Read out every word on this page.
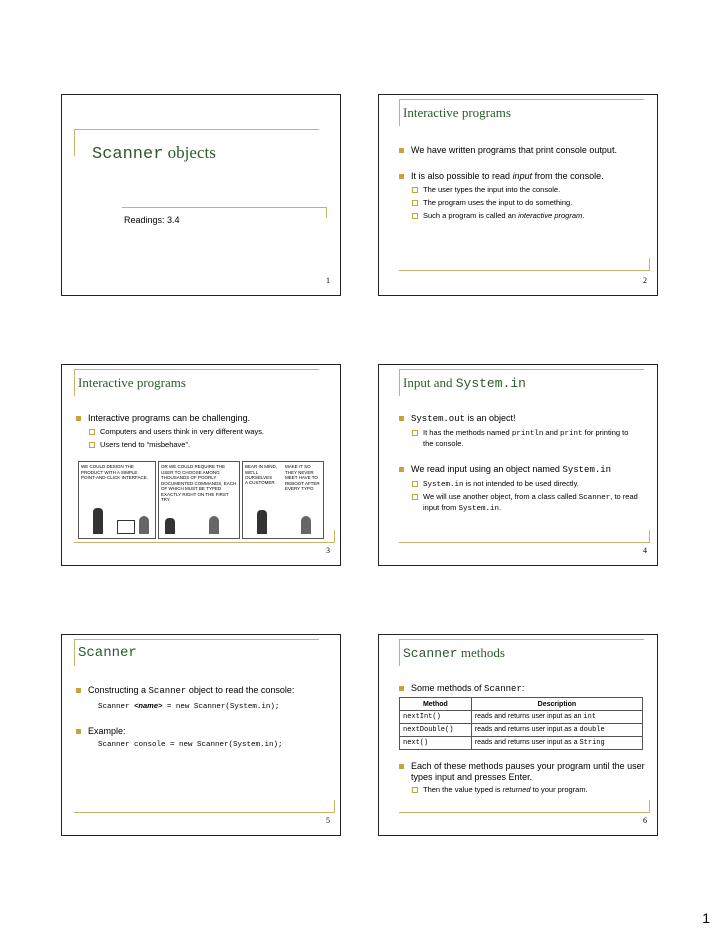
Scanner objects
Readings: 3.4
1
Interactive programs
We have written programs that print console output.
It is also possible to read input from the console.
The user types the input into the console.
The program uses the input to do something.
Such a program is called an interactive program.
2
Interactive programs
Interactive programs can be challenging.
Computers and users think in very different ways.
Users tend to “misbehave”.
WE COULD DESIGN THE PRODUCT WITH A SIMPLE POINT-AND-CLICK INTERFACE.
OR WE COULD REQUIRE THE USER TO CHOOSE AMONG THOUSANDS OF POORLY DOCUMENTED COMMANDS, EACH OF WHICH MUST BE TYPED EXACTLY RIGHT ON THE FIRST TRY.
BEAR IN MIND, WE'LL OURSELVES
MAKE IT SO THEY NEVER MEET HAVE TO REBOOT AFTER EVERY TYPO
A CUSTOMER
3
Input and System.in
System.out is an object!
It has the methods named println and print for printing to the console.
We read input using an object named System.in
System.in is not intended to be used directly.
We will use another object, from a class called Scanner, to read input from System.in.
4
Scanner
Constructing a Scanner object to read the console:
Scanner <name> = new Scanner(System.in);
Example:
Scanner console = new Scanner(System.in);
5
Scanner methods
Some methods of Scanner:
Method	Description
nextInt()	reads and returns user input as an int
nextDouble()	reads and returns user input as a double
next()	reads and returns user input as a String
Each of these methods pauses your program until the user types input and presses Enter.
Then the value typed is returned to your program.
6
1
